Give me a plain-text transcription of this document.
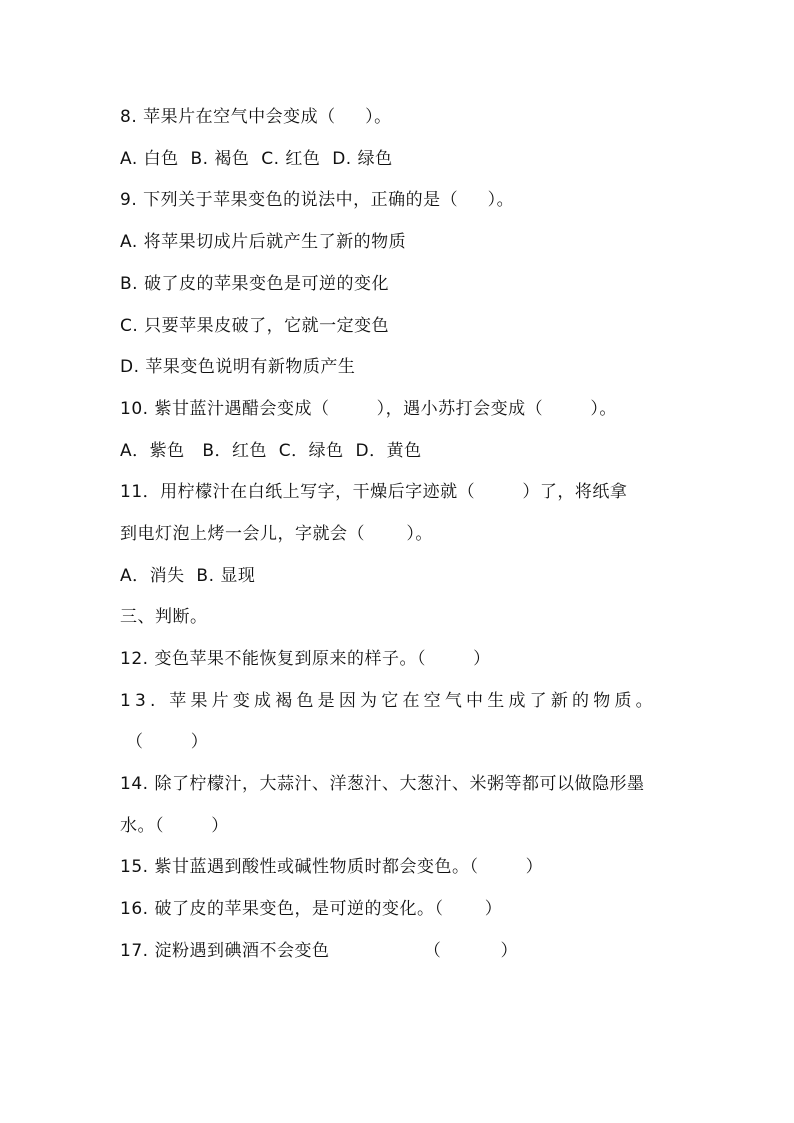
8. 苹果片在空气中会变成（     ）。
A. 白色  B. 褐色  C. 红色  D. 绿色
9. 下列关于苹果变色的说法中，正确的是（     ）。
A. 将苹果切成片后就产生了新的物质
B. 破了皮的苹果变色是可逆的变化
C. 只要苹果皮破了，它就一定变色
D. 苹果变色说明有新物质产生
10. 紫甘蓝汁遇醋会变成（        ），遇小苏打会变成（        ）。
A．紫色   B．红色  C．绿色  D．黄色
11．用柠檬汁在白纸上写字，干燥后字迹就（        ）了，将纸拿
到电灯泡上烤一会儿，字就会（       ）。
A．消失  B. 显现
三、判断。
12. 变色苹果不能恢复到原来的样子。（        ）
13. 苹果片变成褐色是因为它在空气中生成了新的物质。
（        ）
14. 除了柠檬汁，大蒜汁、洋葱汁、大葱汁、米粥等都可以做隐形墨
水。（        ）
15. 紫甘蓝遇到酸性或碱性物质时都会变色。（        ）
16. 破了皮的苹果变色，是可逆的变化。（       ）
17. 淀粉遇到碘酒不会变色                （          ）
